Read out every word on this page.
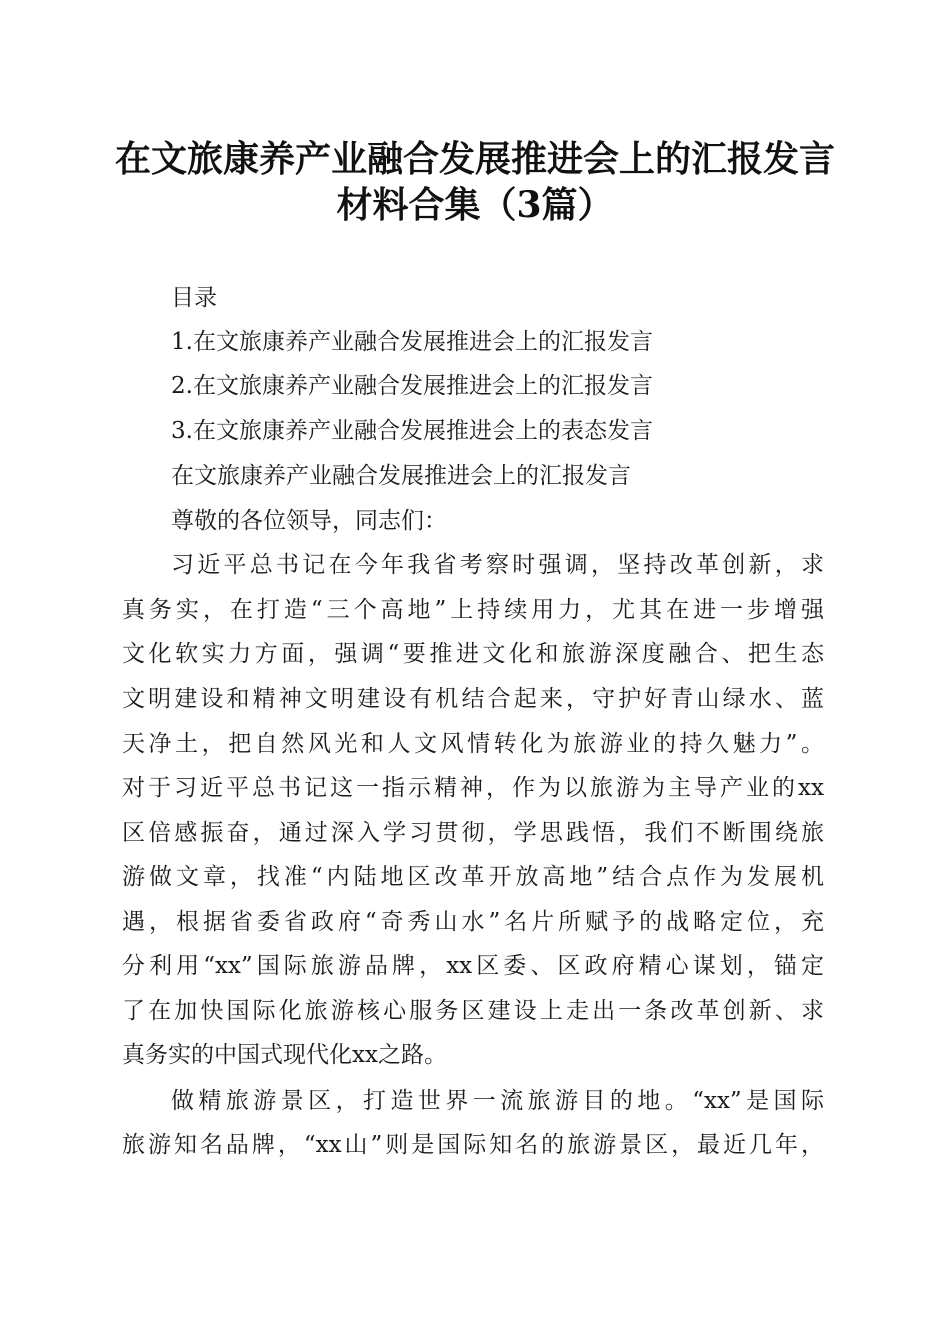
在文旅康养产业融合发展推进会上的汇报发言
材料合集（3篇）
目录
1.在文旅康养产业融合发展推进会上的汇报发言
2.在文旅康养产业融合发展推进会上的汇报发言
3.在文旅康养产业融合发展推进会上的表态发言
在文旅康养产业融合发展推进会上的汇报发言
尊敬的各位领导，同志们：
习近平总书记在今年我省考察时强调，坚持改革创新，求
真务实，在打造“三个高地”上持续用力，尤其在进一步增强
文化软实力方面，强调“要推进文化和旅游深度融合、把生态
文明建设和精神文明建设有机结合起来，守护好青山绿水、蓝
天净土，把自然风光和人文风情转化为旅游业的持久魅力”。
对于习近平总书记这一指示精神，作为以旅游为主导产业的xx
区倍感振奋，通过深入学习贯彻，学思践悟，我们不断围绕旅
游做文章，找准“内陆地区改革开放高地”结合点作为发展机
遇，根据省委省政府“奇秀山水”名片所赋予的战略定位，充
分利用“xx”国际旅游品牌，xx区委、区政府精心谋划，锚定
了在加快国际化旅游核心服务区建设上走出一条改革创新、求
真务实的中国式现代化xx之路。
做精旅游景区，打造世界一流旅游目的地。“xx”是国际
旅游知名品牌，“xx山”则是国际知名的旅游景区，最近几年，
